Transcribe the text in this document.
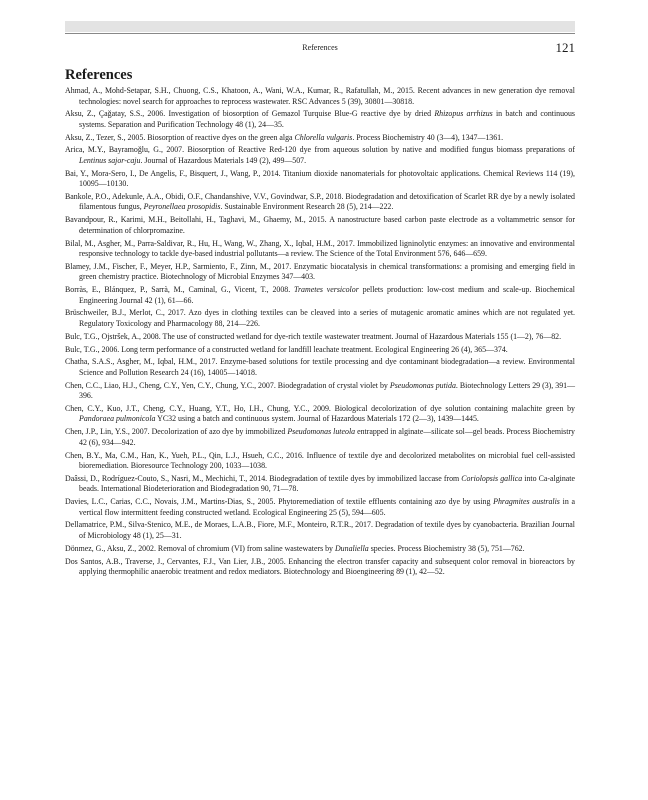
References	121
References

Ahmad, A., Mohd-Setapar, S.H., Chuong, C.S., Khatoon, A., Wani, W.A., Kumar, R., Rafatullah, M., 2015. Recent advances in new generation dye removal technologies: novel search for approaches to reprocess wastewater. RSC Advances 5 (39), 30801—30818.

Aksu, Z., Çağatay, S.S., 2006. Investigation of biosorption of Gemazol Turquise Blue-G reactive dye by dried Rhizopus arrhizus in batch and continuous systems. Separation and Purification Technology 48 (1), 24—35.

Aksu, Z., Tezer, S., 2005. Biosorption of reactive dyes on the green alga Chlorella vulgaris. Process Biochemistry 40 (3—4), 1347—1361.

Arica, M.Y., Bayramoğlu, G., 2007. Biosorption of Reactive Red-120 dye from aqueous solution by native and modified fungus biomass preparations of Lentinus sajor-caju. Journal of Hazardous Materials 149 (2), 499—507.

Bai, Y., Mora-Sero, I., De Angelis, F., Bisquert, J., Wang, P., 2014. Titanium dioxide nanomaterials for photovoltaic applications. Chemical Reviews 114 (19), 10095—10130.

Bankole, P.O., Adekunle, A.A., Obidi, O.F., Chandanshive, V.V., Govindwar, S.P., 2018. Biodegradation and detoxification of Scarlet RR dye by a newly isolated filamentous fungus, Peyronellaea prosopidis. Sustainable Environment Research 28 (5), 214—222.

Bavandpour, R., Karimi, M.H., Beitollahi, H., Taghavi, M., Ghaemy, M., 2015. A nanostructure based carbon paste electrode as a voltammetric sensor for determination of chlorpromazine.

Bilal, M., Asgher, M., Parra-Saldivar, R., Hu, H., Wang, W., Zhang, X., Iqbal, H.M., 2017. Immobilized ligninolytic enzymes: an innovative and environmental responsive technology to tackle dye-based industrial pollutants—a review. The Science of the Total Environment 576, 646—659.

Blamey, J.M., Fischer, F., Meyer, H.P., Sarmiento, F., Zinn, M., 2017. Enzymatic biocatalysis in chemical transformations: a promising and emerging field in green chemistry practice. Biotechnology of Microbial Enzymes 347—403.

Borràs, E., Blánquez, P., Sarrà, M., Caminal, G., Vicent, T., 2008. Trametes versicolor pellets production: low-cost medium and scale-up. Biochemical Engineering Journal 42 (1), 61—66.

Brüschweiler, B.J., Merlot, C., 2017. Azo dyes in clothing textiles can be cleaved into a series of mutagenic aromatic amines which are not regulated yet. Regulatory Toxicology and Pharmacology 88, 214—226.

Bulc, T.G., Ojstršek, A., 2008. The use of constructed wetland for dye-rich textile wastewater treatment. Journal of Hazardous Materials 155 (1—2), 76—82.

Bulc, T.G., 2006. Long term performance of a constructed wetland for landfill leachate treatment. Ecological Engineering 26 (4), 365—374.

Chatha, S.A.S., Asgher, M., Iqbal, H.M., 2017. Enzyme-based solutions for textile processing and dye contaminant biodegradation—a review. Environmental Science and Pollution Research 24 (16), 14005—14018.

Chen, C.C., Liao, H.J., Cheng, C.Y., Yen, C.Y., Chung, Y.C., 2007. Biodegradation of crystal violet by Pseudomonas putida. Biotechnology Letters 29 (3), 391—396.

Chen, C.Y., Kuo, J.T., Cheng, C.Y., Huang, Y.T., Ho, I.H., Chung, Y.C., 2009. Biological decolorization of dye solution containing malachite green by Pandoraea pulmonicola YC32 using a batch and continuous system. Journal of Hazardous Materials 172 (2—3), 1439—1445.

Chen, J.P., Lin, Y.S., 2007. Decolorization of azo dye by immobilized Pseudomonas luteola entrapped in alginate—silicate sol—gel beads. Process Biochemistry 42 (6), 934—942.

Chen, B.Y., Ma, C.M., Han, K., Yueh, P.L., Qin, L.J., Hsueh, C.C., 2016. Influence of textile dye and decolorized metabolites on microbial fuel cell-assisted bioremediation. Bioresource Technology 200, 1033—1038.

Daâssi, D., Rodríguez-Couto, S., Nasri, M., Mechichi, T., 2014. Biodegradation of textile dyes by immobilized laccase from Coriolopsis gallica into Ca-alginate beads. International Biodeterioration and Biodegradation 90, 71—78.

Davies, L.C., Carias, C.C., Novais, J.M., Martins-Dias, S., 2005. Phytoremediation of textile effluents containing azo dye by using Phragmites australis in a vertical flow intermittent feeding constructed wetland. Ecological Engineering 25 (5), 594—605.

Dellamatrice, P.M., Silva-Stenico, M.E., de Moraes, L.A.B., Fiore, M.F., Monteiro, R.T.R., 2017. Degradation of textile dyes by cyanobacteria. Brazilian Journal of Microbiology 48 (1), 25—31.

Dönmez, G., Aksu, Z., 2002. Removal of chromium (VI) from saline wastewaters by Dunaliella species. Process Biochemistry 38 (5), 751—762.

Dos Santos, A.B., Traverse, J., Cervantes, F.J., Van Lier, J.B., 2005. Enhancing the electron transfer capacity and subsequent color removal in bioreactors by applying thermophilic anaerobic treatment and redox mediators. Biotechnology and Bioengineering 89 (1), 42—52.
